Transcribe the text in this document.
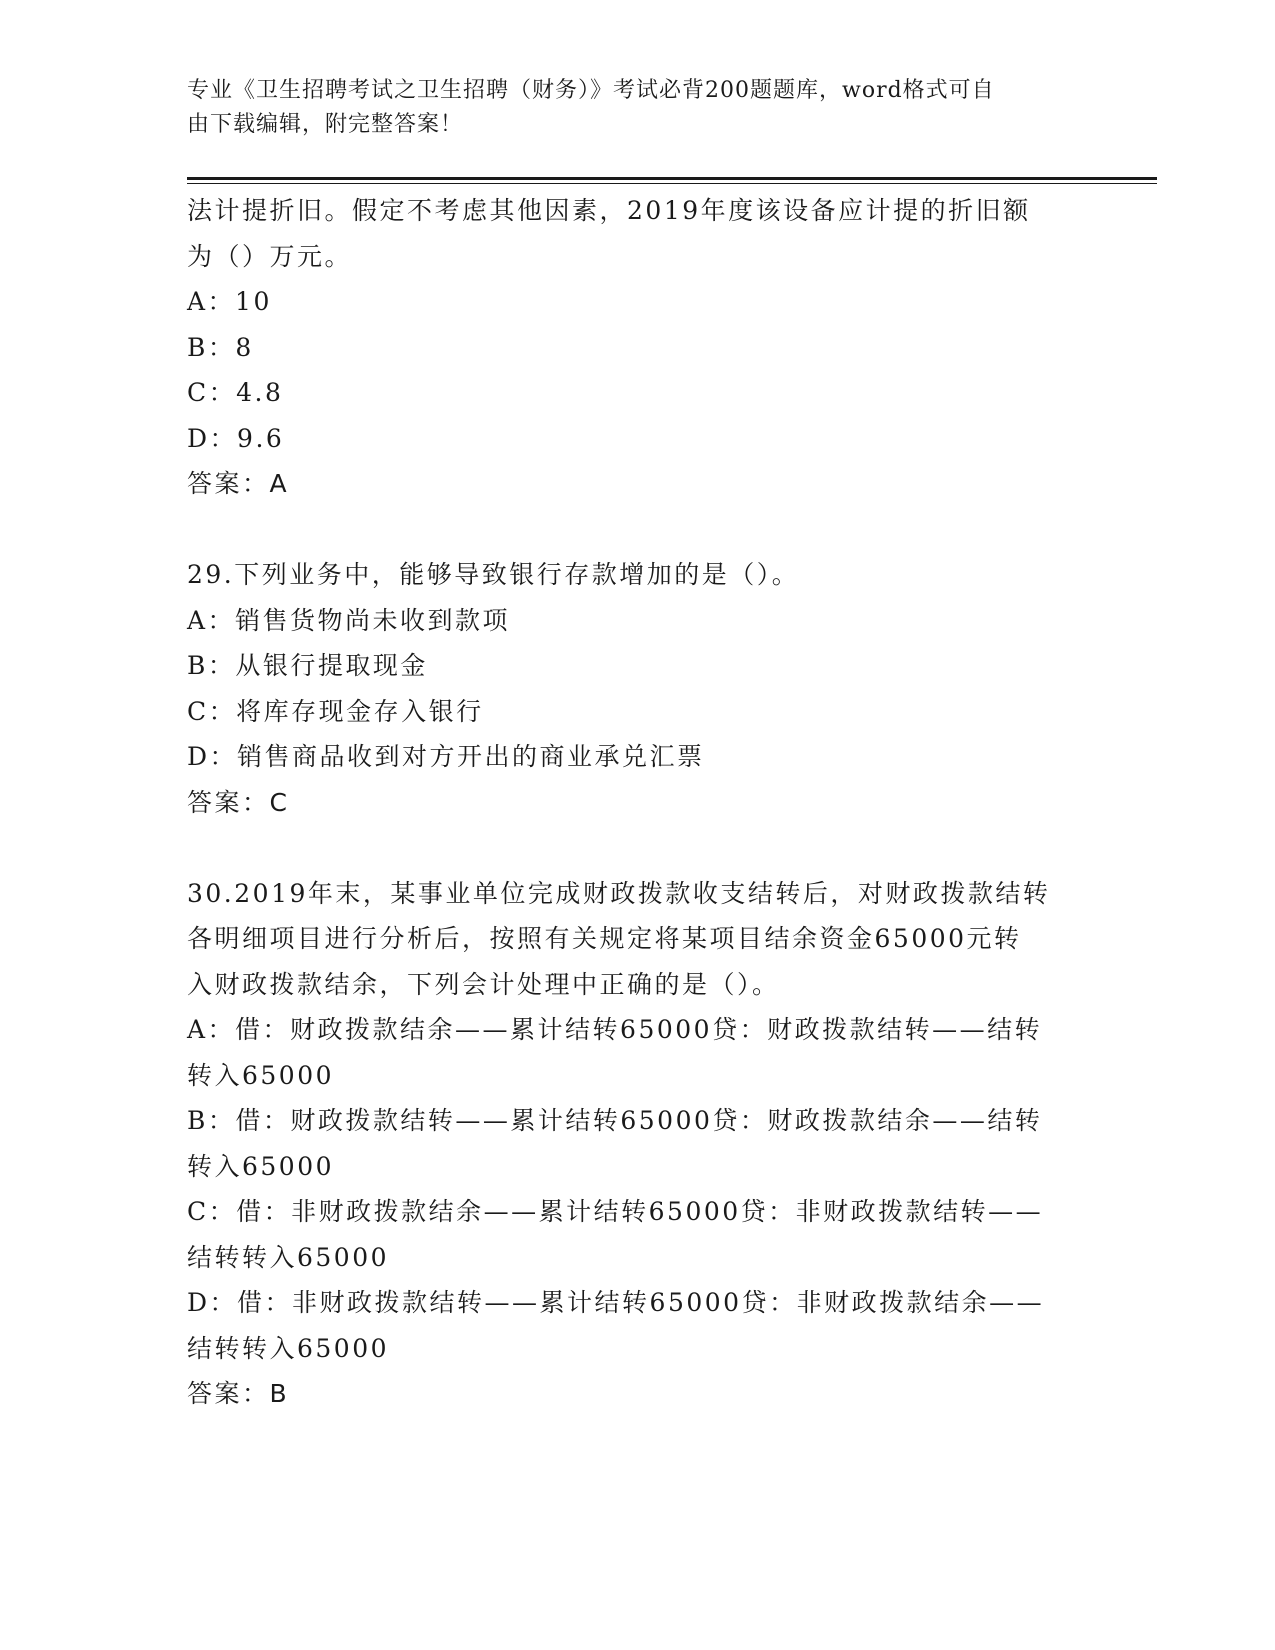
专业《卫生招聘考试之卫生招聘（财务）》考试必背200题题库，word格式可自
由下载编辑，附完整答案！
法计提折旧。假定不考虑其他因素，2019年度该设备应计提的折旧额
为（）万元。
A：10
B：8
C：4.8
D：9.6
答案：A
29.下列业务中，能够导致银行存款增加的是（）。
A：销售货物尚未收到款项
B：从银行提取现金
C：将库存现金存入银行
D：销售商品收到对方开出的商业承兑汇票
答案：C
30.2019年末，某事业单位完成财政拨款收支结转后，对财政拨款结转
各明细项目进行分析后，按照有关规定将某项目结余资金65000元转
入财政拨款结余，下列会计处理中正确的是（）。
A：借：财政拨款结余——累计结转65000贷：财政拨款结转——结转
转入65000
B：借：财政拨款结转——累计结转65000贷：财政拨款结余——结转
转入65000
C：借：非财政拨款结余——累计结转65000贷：非财政拨款结转——
结转转入65000
D：借：非财政拨款结转——累计结转65000贷：非财政拨款结余——
结转转入65000
答案：B
